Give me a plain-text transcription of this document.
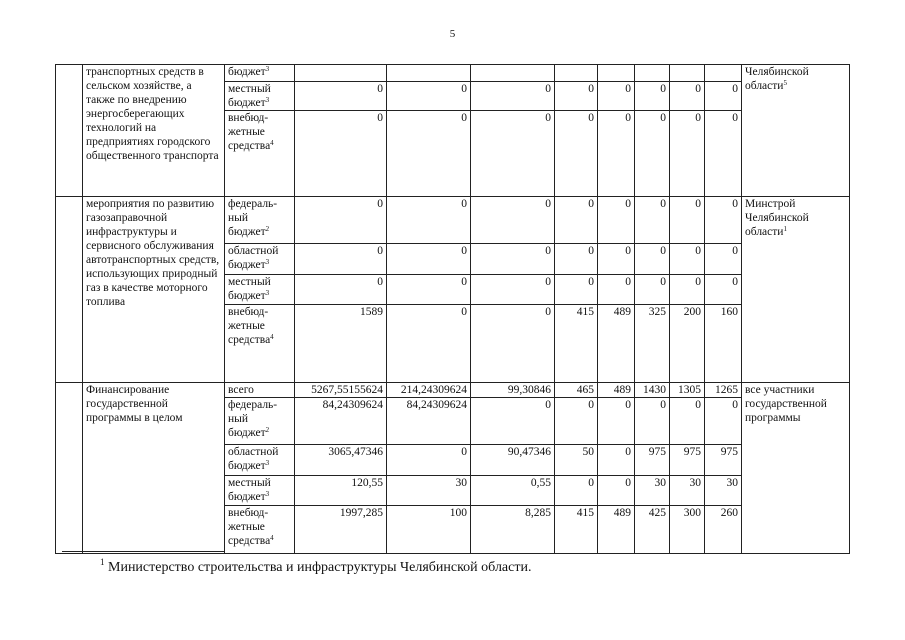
5
	транспортных средств в сельском хозяйстве, а также по внедрению энергосберегающих технологий на предприятиях городского общественного транспорта	бюджет$^3$									Челябинской области$^5$
		местный бюджет$^3$	0	0	0	0	0	0	0	0	
		внебюд-жетные средства$^4$	0	0	0	0	0	0	0	0	
	мероприятия по развитию газозаправочной инфраструктуры и сервисного обслуживания автотранспортных средств, использующих природный газ в качестве моторного топлива	федераль-ный бюджет$^2$	0	0	0	0	0	0	0	0	Минстрой Челябинской области$^1$
		областной бюджет$^3$	0	0	0	0	0	0	0	0	
		местный бюджет$^3$	0	0	0	0	0	0	0	0	
		внебюд-жетные средства$^4$	1589	0	0	415	489	325	200	160	
	Финансирование государственной программы в целом	всего	5267,55155624	214,24309624	99,30846	465	489	1430	1305	1265	все участники государственной программы
		федераль-ный бюджет$^2$	84,24309624	84,24309624	0	0	0	0	0	0	
		областной бюджет$^3$	3065,47346	0	90,47346	50	0	975	975	975	
		местный бюджет$^3$	120,55	30	0,55	0	0	30	30	30	
		внебюд-жетные средства$^4$	1997,285	100	8,285	415	489	425	300	260	
$^1$ Министерство строительства и инфраструктуры Челябинской области.
